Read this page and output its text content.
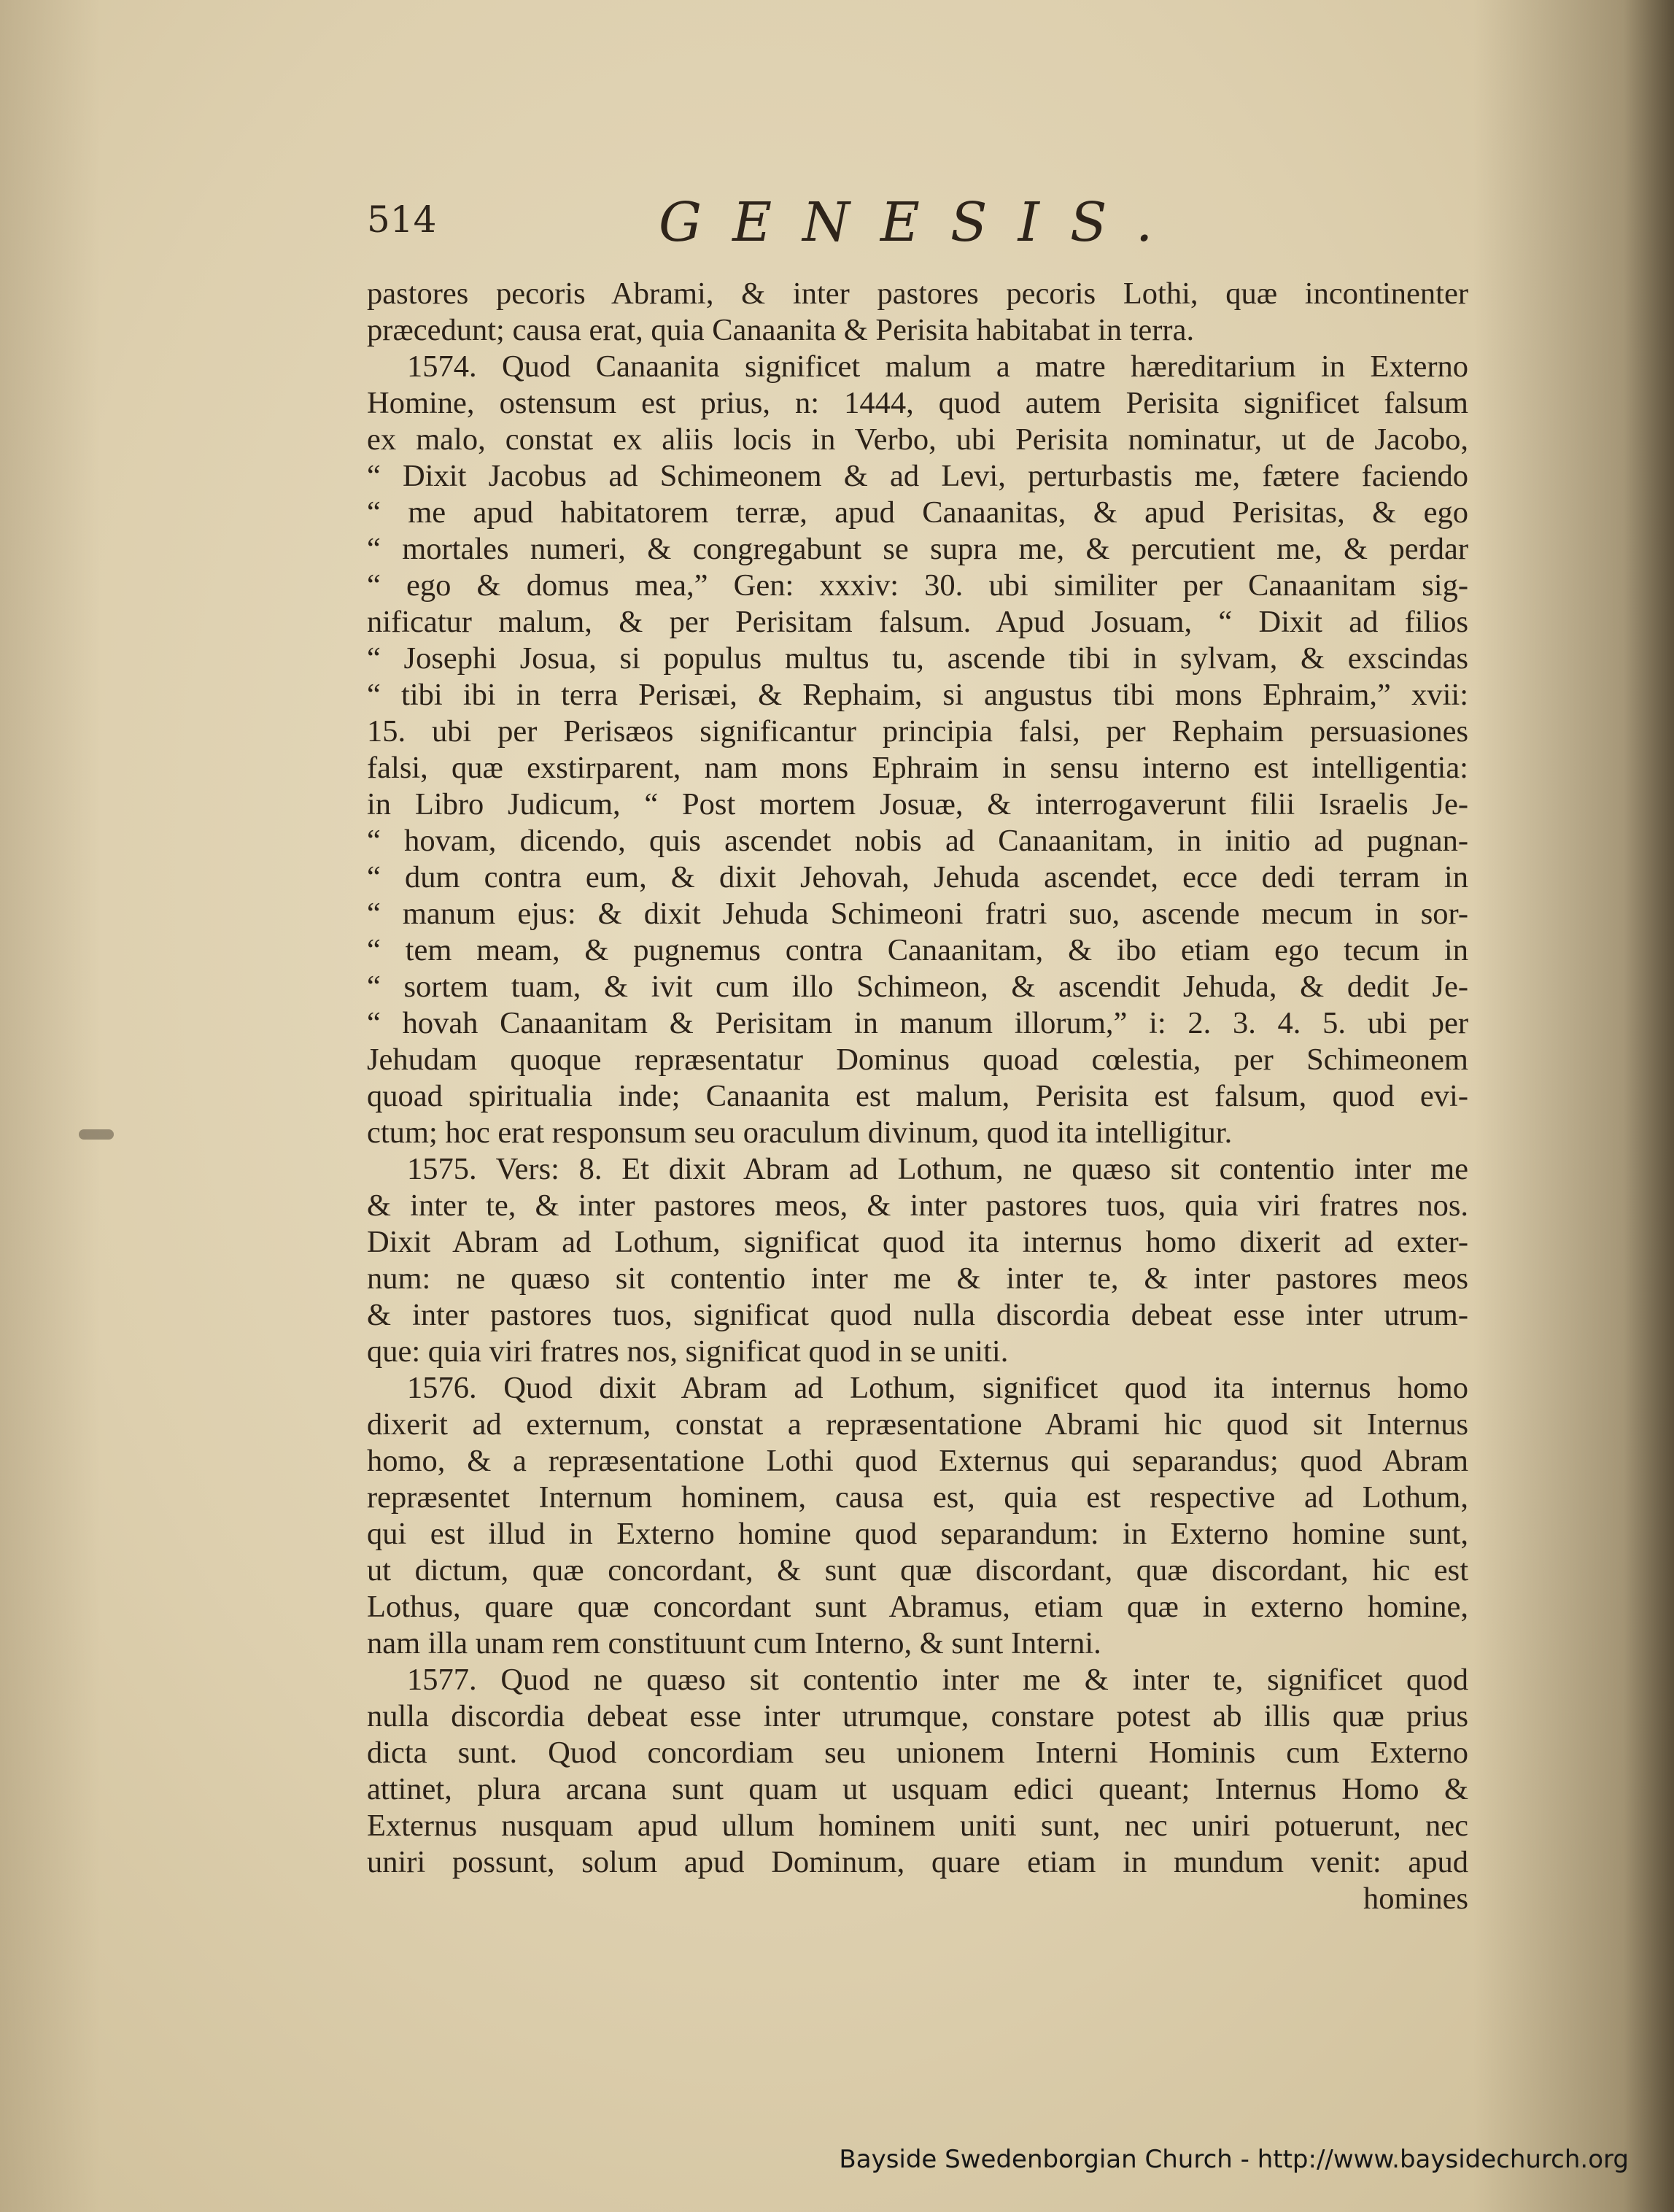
514	GENESIS.
pastores pecoris Abrami, & inter pastores pecoris Lothi, quæ incontinenter
præcedunt; causa erat, quia Canaanita & Perisita habitabat in terra.
1574. Quod Canaanita significet malum a matre hæreditarium in Externo
Homine, ostensum est prius, n: 1444, quod autem Perisita significet falsum
ex malo, constat ex aliis locis in Verbo, ubi Perisita nominatur, ut de Jacobo,
“ Dixit Jacobus ad Schimeonem & ad Levi, perturbastis me, fætere faciendo
“ me apud habitatorem terræ, apud Canaanitas, & apud Perisitas, & ego
“ mortales numeri, & congregabunt se supra me, & percutient me, & perdar
“ ego & domus mea,” Gen: xxxiv: 30. ubi similiter per Canaanitam sig-
nificatur malum, & per Perisitam falsum. Apud Josuam, “ Dixit ad filios
“ Josephi Josua, si populus multus tu, ascende tibi in sylvam, & exscindas
“ tibi ibi in terra Perisæi, & Rephaim, si angustus tibi mons Ephraim,” xvii:
15. ubi per Perisæos significantur principia falsi, per Rephaim persuasiones
falsi, quæ exstirparent, nam mons Ephraim in sensu interno est intelligentia:
in Libro Judicum, “ Post mortem Josuæ, & interrogaverunt filii Israelis Je-
“ hovam, dicendo, quis ascendet nobis ad Canaanitam, in initio ad pugnan-
“ dum contra eum, & dixit Jehovah, Jehuda ascendet, ecce dedi terram in
“ manum ejus: & dixit Jehuda Schimeoni fratri suo, ascende mecum in sor-
“ tem meam, & pugnemus contra Canaanitam, & ibo etiam ego tecum in
“ sortem tuam, & ivit cum illo Schimeon, & ascendit Jehuda, & dedit Je-
“ hovah Canaanitam & Perisitam in manum illorum,” i: 2. 3. 4. 5. ubi per
Jehudam quoque repræsentatur Dominus quoad cœlestia, per Schimeonem
quoad spiritualia inde; Canaanita est malum, Perisita est falsum, quod evi-
ctum; hoc erat responsum seu oraculum divinum, quod ita intelligitur.
1575. Vers: 8. Et dixit Abram ad Lothum, ne quæso sit contentio inter me
& inter te, & inter pastores meos, & inter pastores tuos, quia viri fratres nos.
Dixit Abram ad Lothum, significat quod ita internus homo dixerit ad exter-
num: ne quæso sit contentio inter me & inter te, & inter pastores meos
& inter pastores tuos, significat quod nulla discordia debeat esse inter utrum-
que: quia viri fratres nos, significat quod in se uniti.
1576. Quod dixit Abram ad Lothum, significet quod ita internus homo
dixerit ad externum, constat a repræsentatione Abrami hic quod sit Internus
homo, & a repræsentatione Lothi quod Externus qui separandus; quod Abram
repræsentet Internum hominem, causa est, quia est respective ad Lothum,
qui est illud in Externo homine quod separandum: in Externo homine sunt,
ut dictum, quæ concordant, & sunt quæ discordant, quæ discordant, hic est
Lothus, quare quæ concordant sunt Abramus, etiam quæ in externo homine,
nam illa unam rem constituunt cum Interno, & sunt Interni.
1577. Quod ne quæso sit contentio inter me & inter te, significet quod
nulla discordia debeat esse inter utrumque, constare potest ab illis quæ prius
dicta sunt. Quod concordiam seu unionem Interni Hominis cum Externo
attinet, plura arcana sunt quam ut usquam edici queant; Internus Homo &
Externus nusquam apud ullum hominem uniti sunt, nec uniri potuerunt, nec
uniri possunt, solum apud Dominum, quare etiam in mundum venit: apud
homines
Bayside Swedenborgian Church - http://www.baysidechurch.org
